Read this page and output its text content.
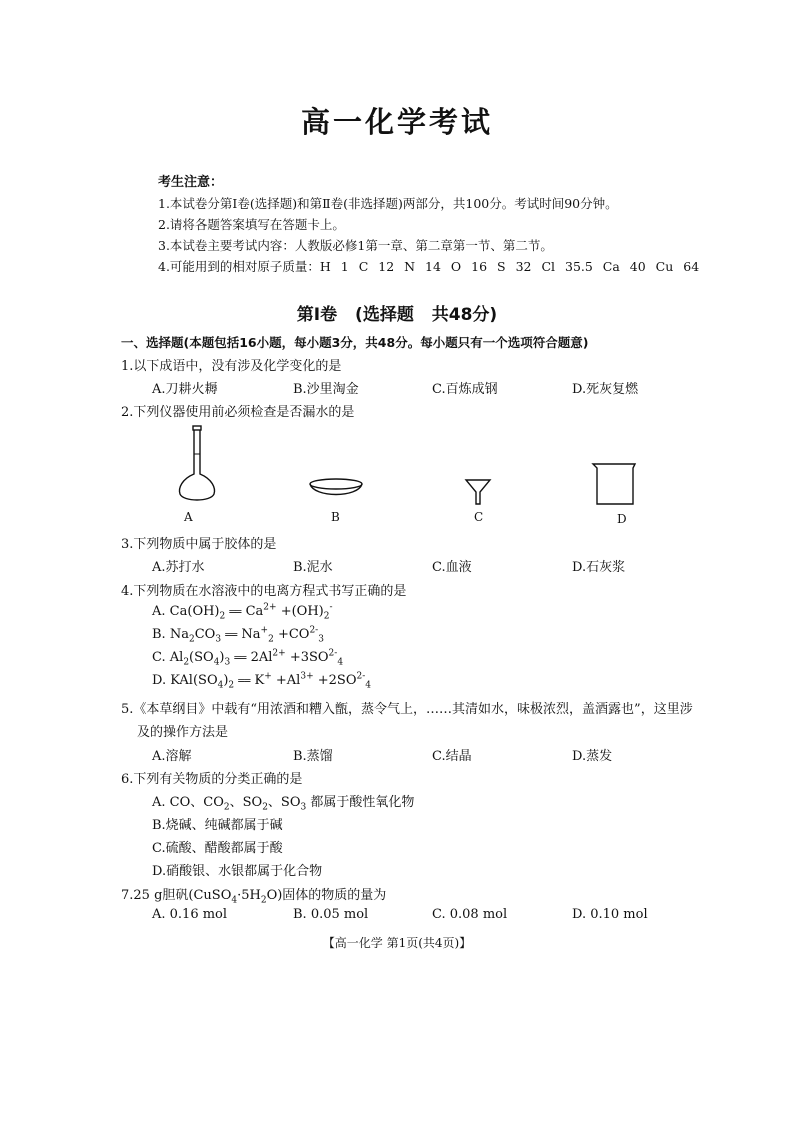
高一化学考试
考生注意：
1.本试卷分第Ⅰ卷(选择题)和第Ⅱ卷(非选择题)两部分，共100分。考试时间90分钟。
2.请将各题答案填写在答题卡上。
3.本试卷主要考试内容：人教版必修1第一章、第二章第一节、第二节。
4.可能用到的相对原子质量：H 1 C 12 N 14 O 16 S 32 Cl 35.5 Ca 40 Cu 64
第Ⅰ卷 (选择题 共48分)
一、选择题(本题包括16小题，每小题3分，共48分。每小题只有一个选项符合题意)
1.以下成语中，没有涉及化学变化的是
A.刀耕火耨	B.沙里淘金	C.百炼成钢	D.死灰复燃
2.下列仪器使用前必须检查是否漏水的是
A	B	C	D
3.下列物质中属于胶体的是
A.苏打水	B.泥水	C.血液	D.石灰浆
4.下列物质在水溶液中的电离方程式书写正确的是
A. $Ca(OH)_2$ ══ $Ca^{2+} +(OH)_2^-$
B. $Na_2CO_3$ ══ $Na^+_2 +CO^{2-}_3$
C. $Al_2(SO_4)_3$ ══ $2Al^{2+} +3SO^{2-}_4$
D. $KAl(SO_4)_2$ ══ $K^+ +Al^{3+} +2SO^{2-}_4$
5.《本草纲目》中载有“用浓酒和糟入甑，蒸令气上，……其清如水，味极浓烈，盖酒露也”，这里涉
及的操作方法是
A.溶解	B.蒸馏	C.结晶	D.蒸发
6.下列有关物质的分类正确的是
A. CO、$CO_2$、$SO_2$、$SO_3$ 都属于酸性氧化物
B.烧碱、纯碱都属于碱
C.硫酸、醋酸都属于酸
D.硝酸银、水银都属于化合物
7.25 g胆矾$(CuSO_4\cdot 5H_2O)$固体的物质的量为
A. 0.16 mol	B. 0.05 mol	C. 0.08 mol	D. 0.10 mol
【高一化学 第1页(共4页)】
